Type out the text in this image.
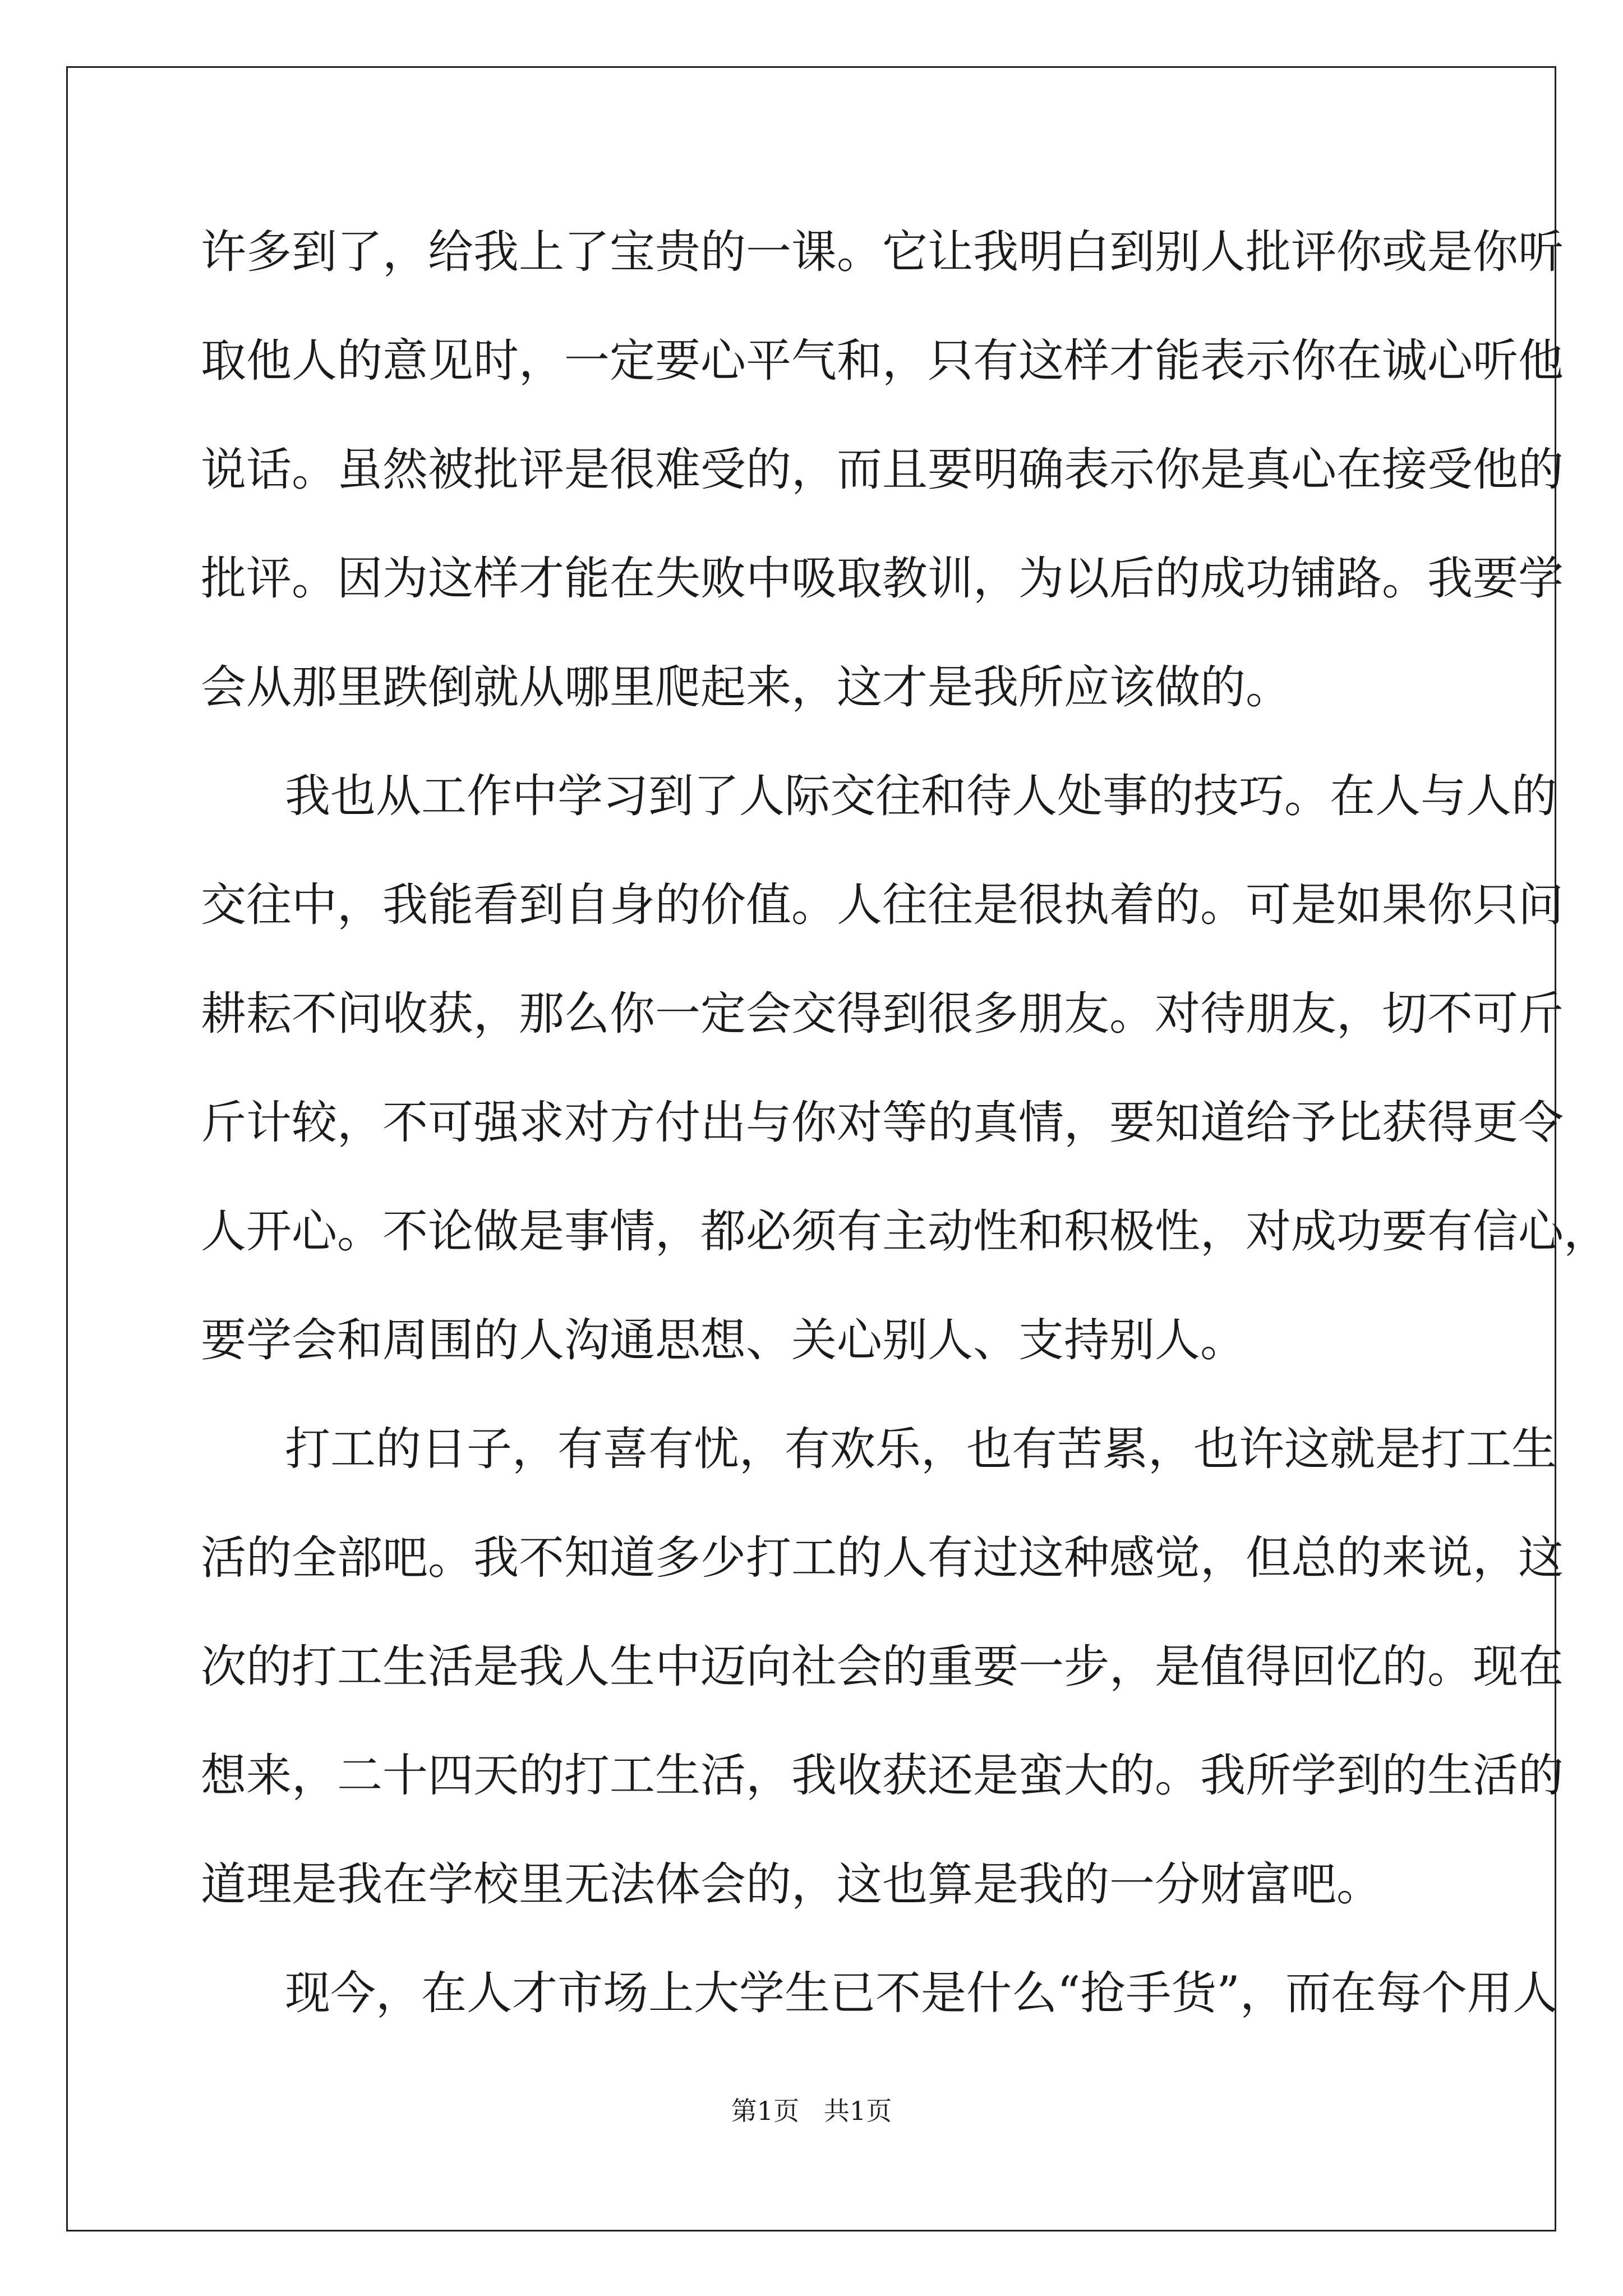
许多到了，给我上了宝贵的一课。它让我明白到别人批评你或是你听
取他人的意见时，一定要心平气和，只有这样才能表示你在诚心听他
说话。虽然被批评是很难受的，而且要明确表示你是真心在接受他的
批评。因为这样才能在失败中吸取教训，为以后的成功铺路。我要学
会从那里跌倒就从哪里爬起来，这才是我所应该做的。
我也从工作中学习到了人际交往和待人处事的技巧。在人与人的
交往中，我能看到自身的价值。人往往是很执着的。可是如果你只问
耕耘不问收获，那么你一定会交得到很多朋友。对待朋友，切不可斤
斤计较，不可强求对方付出与你对等的真情，要知道给予比获得更令
人开心。不论做是事情，都必须有主动性和积极性，对成功要有信心，
要学会和周围的人沟通思想、关心别人、支持别人。
打工的日子，有喜有忧，有欢乐，也有苦累，也许这就是打工生
活的全部吧。我不知道多少打工的人有过这种感觉，但总的来说，这
次的打工生活是我人生中迈向社会的重要一步，是值得回忆的。现在
想来，二十四天的打工生活，我收获还是蛮大的。我所学到的生活的
道理是我在学校里无法体会的，这也算是我的一分财富吧。
现今，在人才市场上大学生已不是什么“抢手货”，而在每个用人
第1页   共1页
